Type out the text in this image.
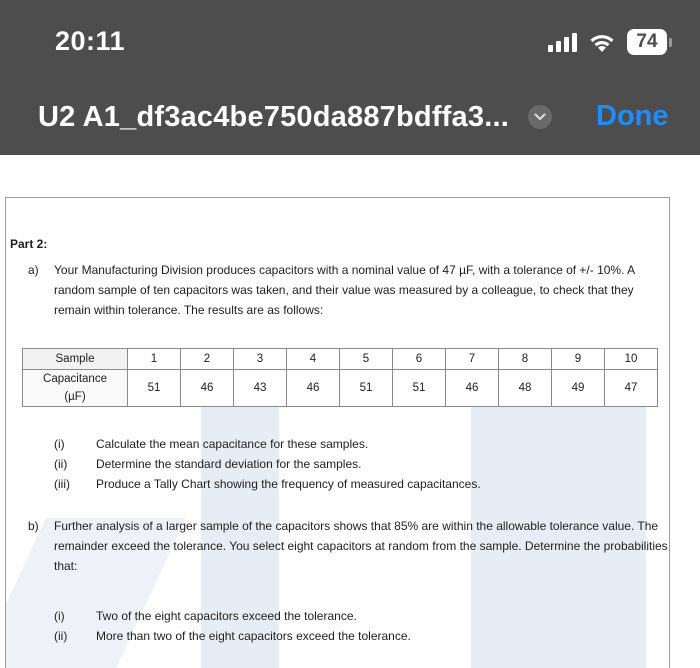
20:11	74
U2 A1_df3ac4be750da887bdffa3...	Done
Part 2:
a) Your Manufacturing Division produces capacitors with a nominal value of 47 µF, with a tolerance of +/- 10%. A random sample of ten capacitors was taken, and their value was measured by a colleague, to check that they remain within tolerance. The results are as follows:
Sample	1	2	3	4	5	6	7	8	9	10

Capacitance
(µF)	51	46	43	46	51	51	46	48	49	47
(i)	Calculate the mean capacitance for these samples.
(ii)	Determine the standard deviation for the samples.
(iii)	Produce a Tally Chart showing the frequency of measured capacitances.
b) Further analysis of a larger sample of the capacitors shows that 85% are within the allowable tolerance value. The remainder exceed the tolerance. You select eight capacitors at random from the sample. Determine the probabilities that:
(i)	Two of the eight capacitors exceed the tolerance.
(ii)	More than two of the eight capacitors exceed the tolerance.
